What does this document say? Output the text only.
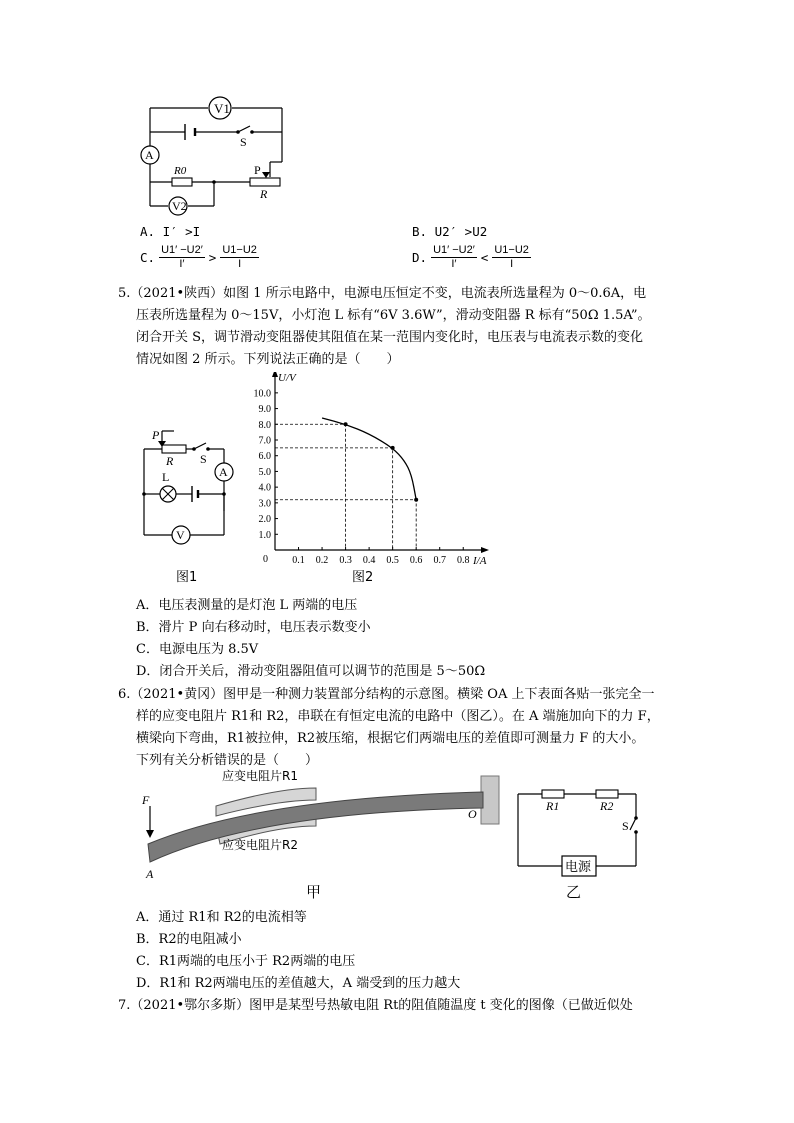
V1
A
R0	P
R
S
V2
A. I′ >I	B. U2′ >U2
C. $\frac{U1' -U2'}{I'} > \frac{U1-U2}{I}$	D. $\frac{U1' -U2'}{I'} < \frac{U1-U2}{I}$
5.（2021•陕西）如图 1 所示电路中，电源电压恒定不变，电流表所选量程为 0～0.6A，电
压表所选量程为 0～15V，小灯泡 L 标有“6V 3.6W”，滑动变阻器 R 标有“50Ω 1.5A”。
闭合开关 S，调节滑动变阻器使其阻值在某一范围内变化时，电压表与电流表示数的变化
情况如图 2 所示。下列说法正确的是（　　）
P
R S
A
L
V
图1
U/V
I/A
0 0.1 0.2 0.3 0.4 0.5 0.6 0.7 0.8
1.0
2.0
3.0
4.0
5.0
6.0
7.0
8.0
9.0
10.0
图2
A．电压表测量的是灯泡 L 两端的电压
B．滑片 P 向右移动时，电压表示数变小
C．电源电压为 8.5V
D．闭合开关后，滑动变阻器阻值可以调节的范围是 5～50Ω
6.（2021•黄冈）图甲是一种测力装置部分结构的示意图。横梁 OA 上下表面各贴一张完全一
样的应变电阻片 R1和 R2，串联在有恒定电流的电路中（图乙）。在 A 端施加向下的力 F，
横梁向下弯曲，R1被拉伸，R2被压缩，根据它们两端电压的差值即可测量力 F 的大小。
下列有关分析错误的是（　　）
F
A
O
应变电阻片R1
应变电阻片R2
甲
R1	R2
S
电源
乙
A．通过 R1和 R2的电流相等
B．R2的电阻减小
C．R1两端的电压小于 R2两端的电压
D．R1和 R2两端电压的差值越大，A 端受到的压力越大
7.（2021•鄂尔多斯）图甲是某型号热敏电阻 Rt的阻值随温度 t 变化的图像（已做近似处
